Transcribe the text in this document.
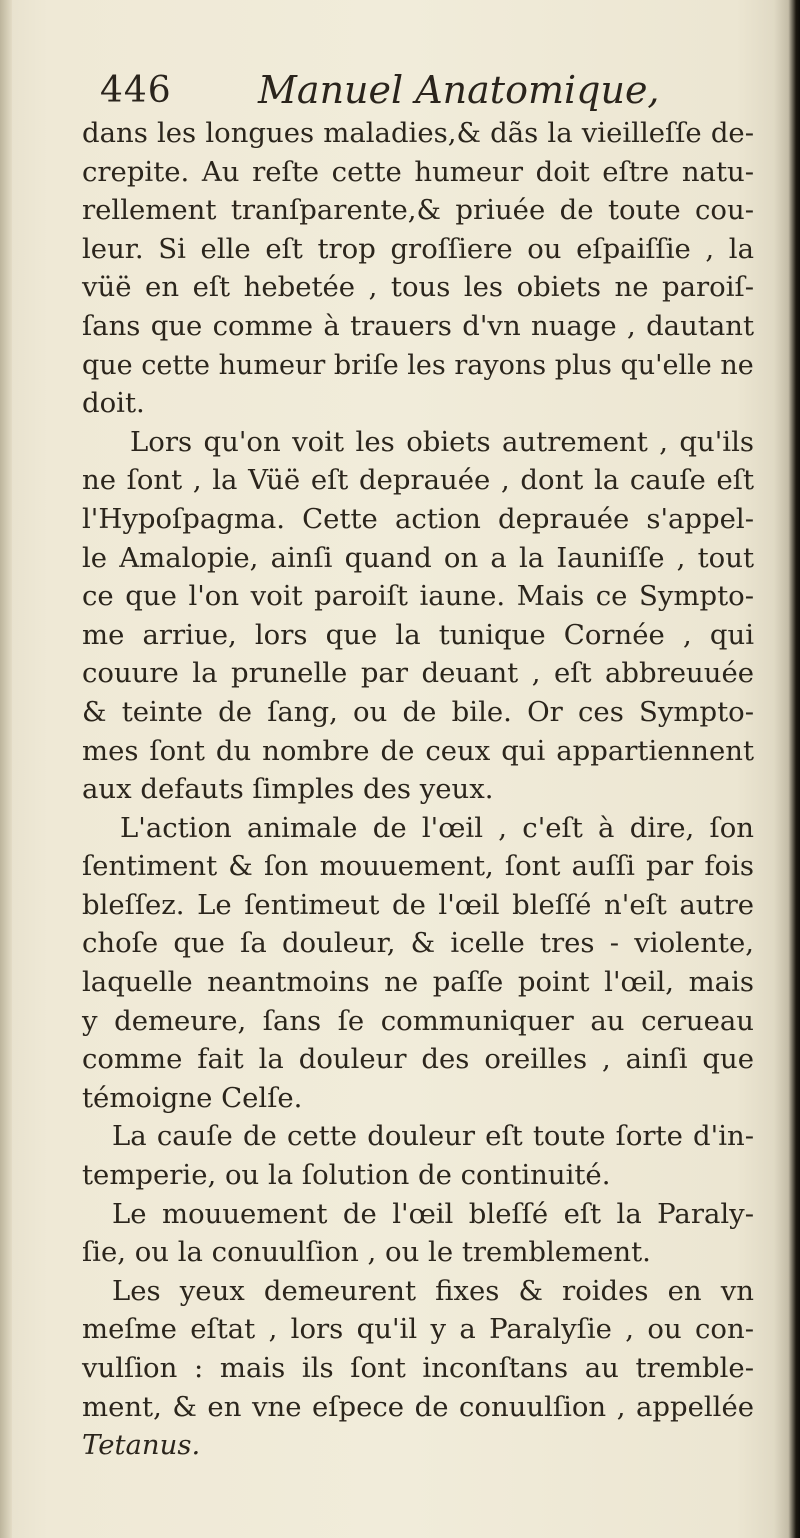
446 Manuel Anatomique,
dans les longues maladies,& dãs la vieilleſſe de-
crepite. Au reſte cette humeur doit eſtre natu-
rellement tranſparente,& priuée de toute cou-
leur. Si elle eſt trop groſſiere ou eſpaiſſie , la
vüë en eſt hebetée , tous les obiets ne paroiſ-
ſans que comme à trauers d'vn nuage , dautant
que cette humeur briſe les rayons plus qu'elle ne
doit.
Lors qu'on voit les obiets autrement , qu'ils
ne ſont , la Vüë eſt deprauée , dont la cauſe eſt
l'Hypoſpagma. Cette action deprauée s'appel-
le Amalopie, ainſi quand on a la Iauniſſe , tout
ce que l'on voit paroiſt iaune. Mais ce Sympto-
me arriue, lors que la tunique Cornée , qui
couure la prunelle par deuant , eſt abbreuuée
& teinte de ſang, ou de bile. Or ces Sympto-
mes ſont du nombre de ceux qui appartiennent
aux defauts ſimples des yeux.
L'action animale de l'œil , c'eſt à dire, ſon
ſentiment & ſon mouuement, ſont auſſi par fois
bleſſez. Le ſentimeut de l'œil bleſſé n'eſt autre
choſe que ſa douleur, & icelle tres - violente,
laquelle neantmoins ne paſſe point l'œil, mais
y demeure, ſans ſe communiquer au cerueau
comme fait la douleur des oreilles , ainſi que
témoigne Celſe.
La cauſe de cette douleur eſt toute ſorte d'in-
temperie, ou la ſolution de continuité.
Le mouuement de l'œil bleſſé eſt la Paraly-
ſie, ou la conuulſion , ou le tremblement.
Les yeux demeurent fixes & roides en vn
meſme eſtat , lors qu'il y a Paralyſie , ou con-
vulſion : mais ils ſont inconſtans au tremble-
ment, & en vne eſpece de conuulſion , appellée
Tetanus.
